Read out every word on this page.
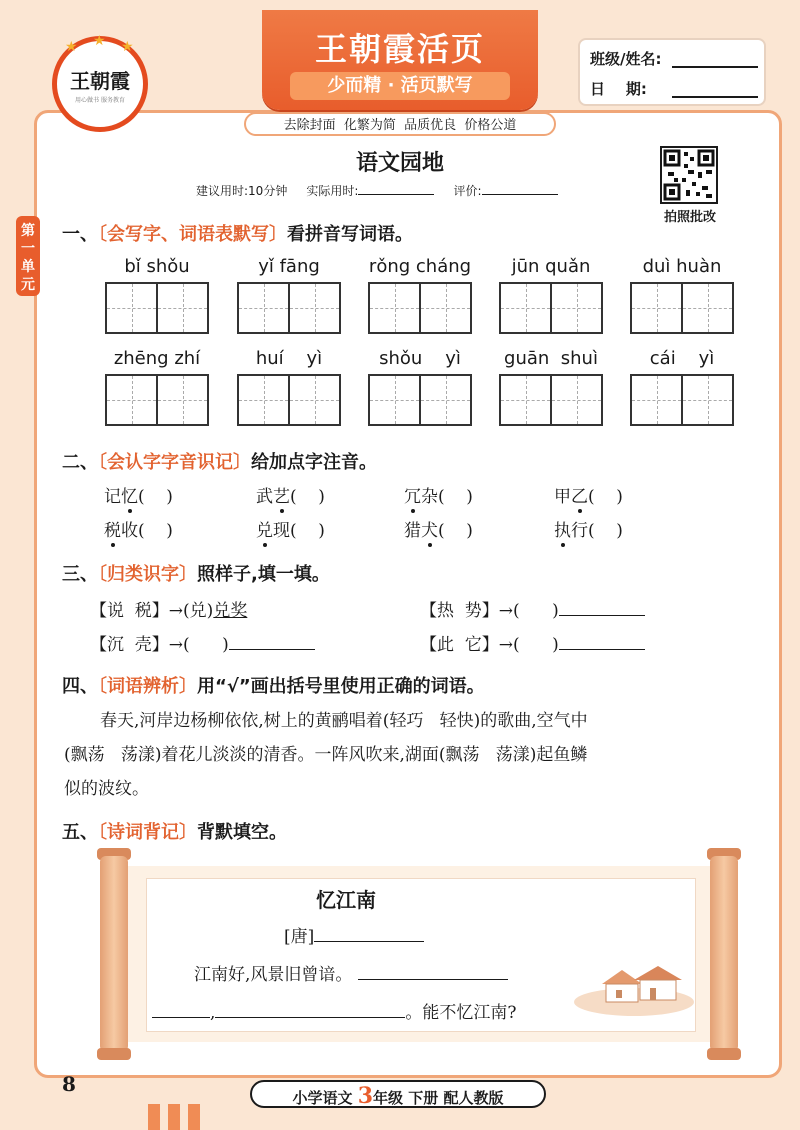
王朝霞活页
少而精 · 活页默写
★ ★ ★
王朝霞
用心做书 服务教育
班级/姓名:
日    期:
去除封面  化繁为简  品质优良  价格公道
第一单元
语文园地
建议用时:10分钟 实际用时:	评价:
拍照批改
一、〔会写字、词语表默写〕看拼音写词语。
bǐ shǒu	yǐ fāng	rǒng cháng	jūn quǎn	duì huàn
zhēng zhí	huí    yì	shǒu    yì	guān  shuì	cái    yì
二、〔会认字字音识记〕给加点字注音。
记忆(    )	武艺(    )	冗杂(    )	甲乙(    )
税收(    )	兑现(    )	猎犬(    )	执行(    )
三、〔归类识字〕照样子,填一填。
【说  税】→(兑)兑奖	【热  势】→(      )
【沉  壳】→(      )	【此  它】→(      )
四、〔词语辨析〕用“√”画出括号里使用正确的词语。
春天,河岸边杨柳依依,树上的黄鹂唱着(轻巧   轻快)的歌曲,空气中
(飘荡   荡漾)着花儿淡淡的清香。一阵风吹来,湖面(飘荡   荡漾)起鱼鳞
似的波纹。
五、〔诗词背记〕背默填空。
忆江南
[唐]
江南好,风景旧曾谙。
,	。能不忆江南?
8
小学语文 3年级 下册 配人教版
